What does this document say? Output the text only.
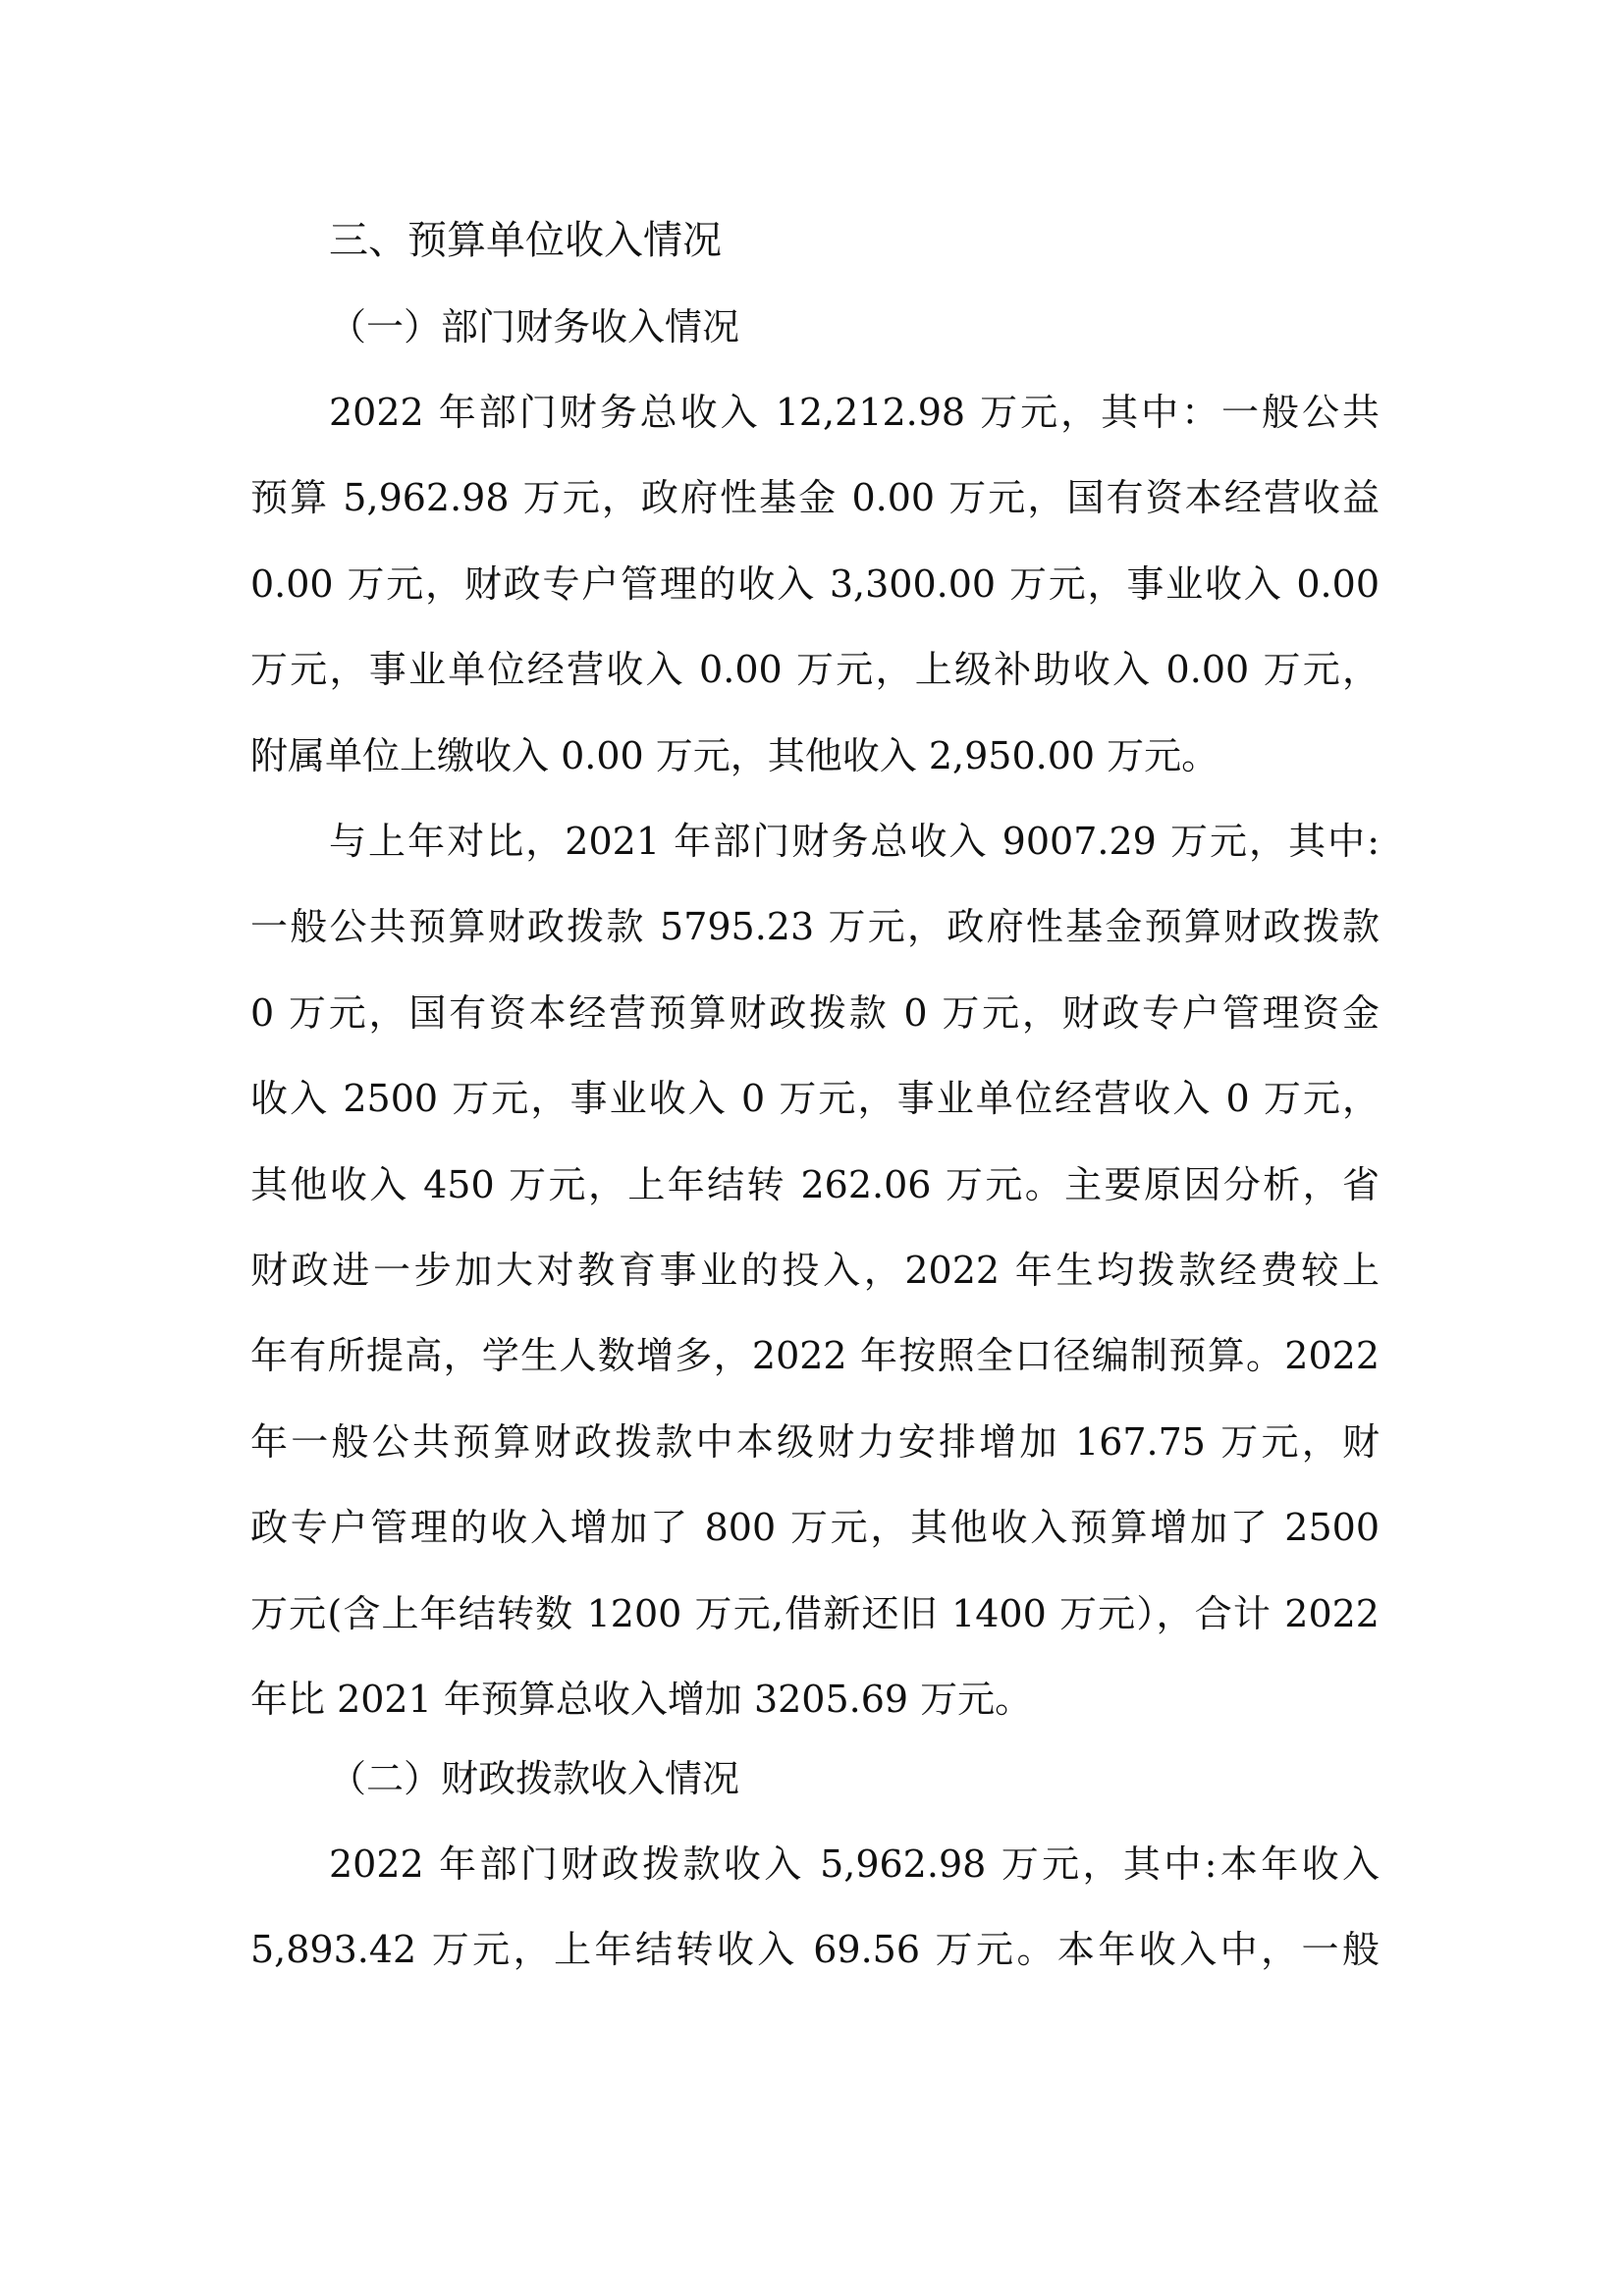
三、预算单位收入情况
（一）部门财务收入情况
2022 年部门财务总收入 12,212.98 万元，其中：一般公共
预算 5,962.98 万元，政府性基金 0.00 万元，国有资本经营收益
0.00 万元，财政专户管理的收入 3,300.00 万元，事业收入 0.00
万元，事业单位经营收入 0.00 万元，上级补助收入 0.00 万元，
附属单位上缴收入 0.00 万元，其他收入 2,950.00 万元。
与上年对比，2021 年部门财务总收入 9007.29 万元，其中:
一般公共预算财政拨款 5795.23 万元，政府性基金预算财政拨款
0 万元，国有资本经营预算财政拨款 0 万元，财政专户管理资金
收入 2500 万元，事业收入 0 万元，事业单位经营收入 0 万元，
其他收入 450 万元，上年结转 262.06 万元。主要原因分析，省
财政进一步加大对教育事业的投入，2022 年生均拨款经费较上
年有所提高，学生人数增多，2022 年按照全口径编制预算。2022
年一般公共预算财政拨款中本级财力安排增加 167.75 万元，财
政专户管理的收入增加了 800 万元，其他收入预算增加了 2500
万元(含上年结转数 1200 万元,借新还旧 1400 万元），合计 2022
年比 2021 年预算总收入增加 3205.69 万元。
（二）财政拨款收入情况
2022 年部门财政拨款收入 5,962.98 万元，其中:本年收入
5,893.42 万元，上年结转收入 69.56 万元。本年收入中，一般
